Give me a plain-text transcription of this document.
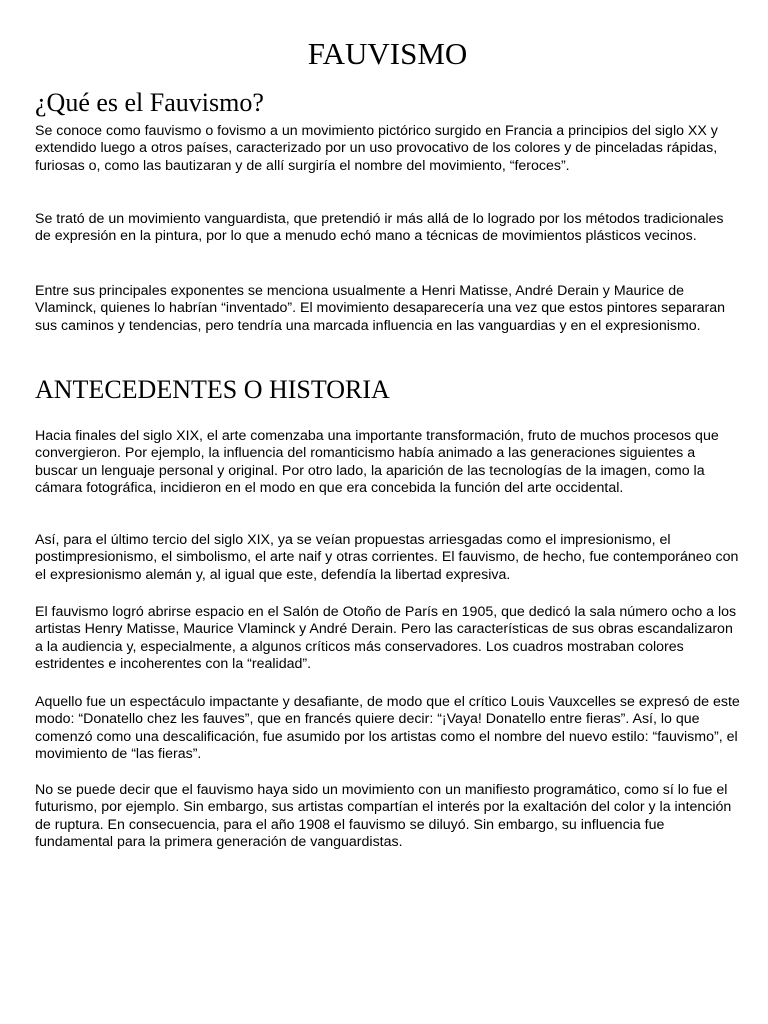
FAUVISMO
¿Qué es el Fauvismo?

Se conoce como fauvismo o fovismo a un movimiento pictórico surgido en Francia a principios del siglo XX y extendido luego a otros países, caracterizado por un uso provocativo de los colores y de pinceladas rápidas, furiosas o, como las bautizaran y de allí surgiría el nombre del movimiento, “feroces”.

Se trató de un movimiento vanguardista, que pretendió ir más allá de lo logrado por los métodos tradicionales de expresión en la pintura, por lo que a menudo echó mano a técnicas de movimientos plásticos vecinos.

Entre sus principales exponentes se menciona usualmente a Henri Matisse, André Derain y Maurice de Vlaminck, quienes lo habrían “inventado”. El movimiento desaparecería una vez que estos pintores separaran sus caminos y tendencias, pero tendría una marcada influencia en las vanguardias y en el expresionismo.

ANTECEDENTES O HISTORIA

Hacia finales del siglo XIX, el arte comenzaba una importante transformación, fruto de muchos procesos que convergieron. Por ejemplo, la influencia del romanticismo había animado a las generaciones siguientes a buscar un lenguaje personal y original. Por otro lado, la aparición de las tecnologías de la imagen, como la cámara fotográfica, incidieron en el modo en que era concebida la función del arte occidental.

Así, para el último tercio del siglo XIX, ya se veían propuestas arriesgadas como el impresionismo, el postimpresionismo, el simbolismo, el arte naif y otras corrientes. El fauvismo, de hecho, fue contemporáneo con el expresionismo alemán y, al igual que este, defendía la libertad expresiva.

El fauvismo logró abrirse espacio en el Salón de Otoño de París en 1905, que dedicó la sala número ocho a los artistas Henry Matisse, Maurice Vlaminck y André Derain. Pero las características de sus obras escandalizaron a la audiencia y, especialmente, a algunos críticos más conservadores. Los cuadros mostraban colores estridentes e incoherentes con la “realidad”.

Aquello fue un espectáculo impactante y desafiante, de modo que el crítico Louis Vauxcelles se expresó de este modo: “Donatello chez les fauves”, que en francés quiere decir: “¡Vaya! Donatello entre fieras”. Así, lo que comenzó como una descalificación, fue asumido por los artistas como el nombre del nuevo estilo: “fauvismo”, el movimiento de “las fieras”.

No se puede decir que el fauvismo haya sido un movimiento con un manifiesto programático, como sí lo fue el futurismo, por ejemplo. Sin embargo, sus artistas compartían el interés por la exaltación del color y la intención de ruptura. En consecuencia, para el año 1908 el fauvismo se diluyó. Sin embargo, su influencia fue fundamental para la primera generación de vanguardistas.
